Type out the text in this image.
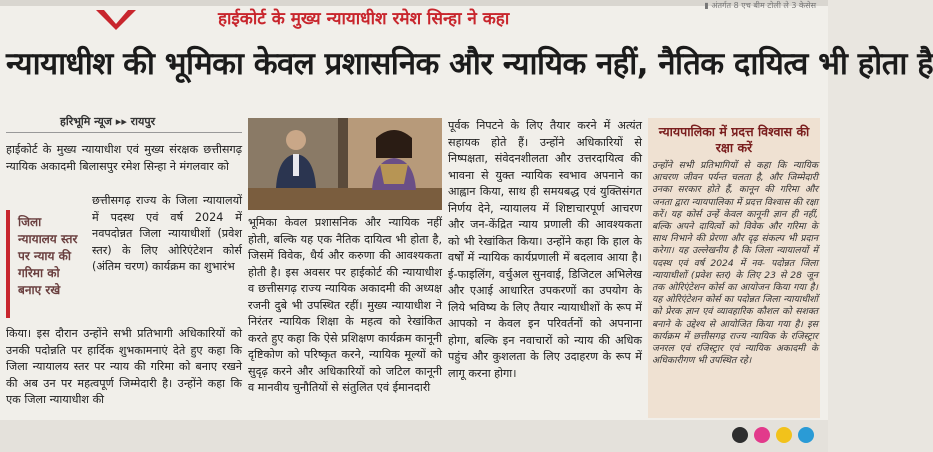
▮ अंतर्गत 8 एच बीम टोली ले 3 केसेस
हाईकोर्ट के मुख्य न्यायाधीश रमेश सिन्हा ने कहा
न्यायाधीश की भूमिका केवल प्रशासनिक और न्यायिक नहीं, नैतिक दायित्व भी होता है
हरिभूमि न्यूज ▸▸ रायपुर

हाईकोर्ट के मुख्य न्यायाधीश एवं मुख्य संरक्षक छत्तीसगढ़ न्यायिक अकादमी बिलासपुर रमेश सिन्हा ने मंगलवार को

जिला न्यायालय स्तर पर न्याय की गरिमा को बनाए रखे

छत्तीसगढ़ राज्य के जिला न्यायालयों में पदस्थ एवं वर्ष 2024 में नवपदोन्नत जिला न्यायाधीशों (प्रवेश स्तर) के लिए ओरिएंटेशन कोर्स (अंतिम चरण) कार्यक्रम का शुभारंभ

किया। इस दौरान उन्होंने सभी प्रतिभागी अधिकारियों को उनकी पदोन्नति पर हार्दिक शुभकामनाएं देते हुए कहा कि जिला न्यायालय स्तर पर न्याय की गरिमा को बनाए रखने की अब उन पर महत्वपूर्ण जिम्मेदारी है। उन्होंने कहा कि एक जिला न्यायाधीश की

भूमिका केवल प्रशासनिक और न्यायिक नहीं होती, बल्कि यह एक नैतिक दायित्व भी होता है, जिसमें विवेक, धैर्य और करुणा की आवश्यकता होती है। इस अवसर पर हाईकोर्ट की न्यायाधीश व छत्तीसगढ़ राज्य न्यायिक अकादमी की अध्यक्ष रजनी दुबे भी उपस्थित रहीं। मुख्य न्यायाधीश ने निरंतर न्यायिक शिक्षा के महत्व को रेखांकित करते हुए कहा कि ऐसे प्रशिक्षण कार्यक्रम कानूनी दृष्टिकोण को परिष्कृत करने, न्यायिक मूल्यों को सुदृढ़ करने और अधिकारियों को जटिल कानूनी व मानवीय चुनौतियों से संतुलित एवं ईमानदारी

पूर्वक निपटने के लिए तैयार करने में अत्यंत सहायक होते हैं। उन्होंने अधिकारियों से निष्पक्षता, संवेदनशीलता और उत्तरदायित्व की भावना से युक्त न्यायिक स्वभाव अपनाने का आह्वान किया, साथ ही समयबद्ध एवं युक्तिसंगत निर्णय देने, न्यायालय में शिष्टाचारपूर्ण आचरण और जन-केंद्रित न्याय प्रणाली की आवश्यकता को भी रेखांकित किया। उन्होंने कहा कि हाल के वर्षों में न्यायिक कार्यप्रणाली में बदलाव आया है। ई-फाइलिंग, वर्चुअल सुनवाई, डिजिटल अभिलेख और एआई आधारित उपकरणों का उपयोग के लिये भविष्य के लिए तैयार न्यायाधीशों के रूप में आपको न केवल इन परिवर्तनों को अपनाना होगा, बल्कि इन नवाचारों को न्याय की अधिक पहुंच और कुशलता के लिए उदाहरण के रूप में लागू करना होगा।

न्यायपालिका में प्रदत्त विश्वास की रक्षा करें
उन्होंने सभी प्रतिभागियों से कहा कि न्यायिक आचरण जीवन पर्यन्त चलता है, और जिम्मेदारी उनका सरकार होते हैं, कानून की गरिमा और जनता द्वारा न्यायपालिका में प्रदत्त विश्वास की रक्षा करें। यह कोर्स उन्हें केवल कानूनी ज्ञान ही नहीं, बल्कि अपने दायित्वों को विवेक और गरिमा के साथ निभाने की प्रेरणा और दृढ़ संकल्प भी प्रदान करेगा। यह उल्लेखनीय है कि जिला न्यायालयों में पदस्थ एवं वर्ष 2024 में नव- पदोन्नत जिला न्यायाधीशों (प्रवेश स्तर) के लिए 23 से 28 जून तक ओरिएंटेशन कोर्स का आयोजन किया गया है। यह ओरिएंटेशन कोर्स का पदोन्नत जिला न्यायाधीशों को प्रेरक ज्ञान एवं व्यावहारिक कौशल को सशक्त बनाने के उद्देश्य से आयोजित किया गया है। इस कार्यक्रम में छत्तीसगढ़ राज्य न्यायिक के रजिस्ट्रार जनरल एवं रजिस्ट्रार एवं न्यायिक अकादमी के अधिकारीगण भी उपस्थित रहे।
